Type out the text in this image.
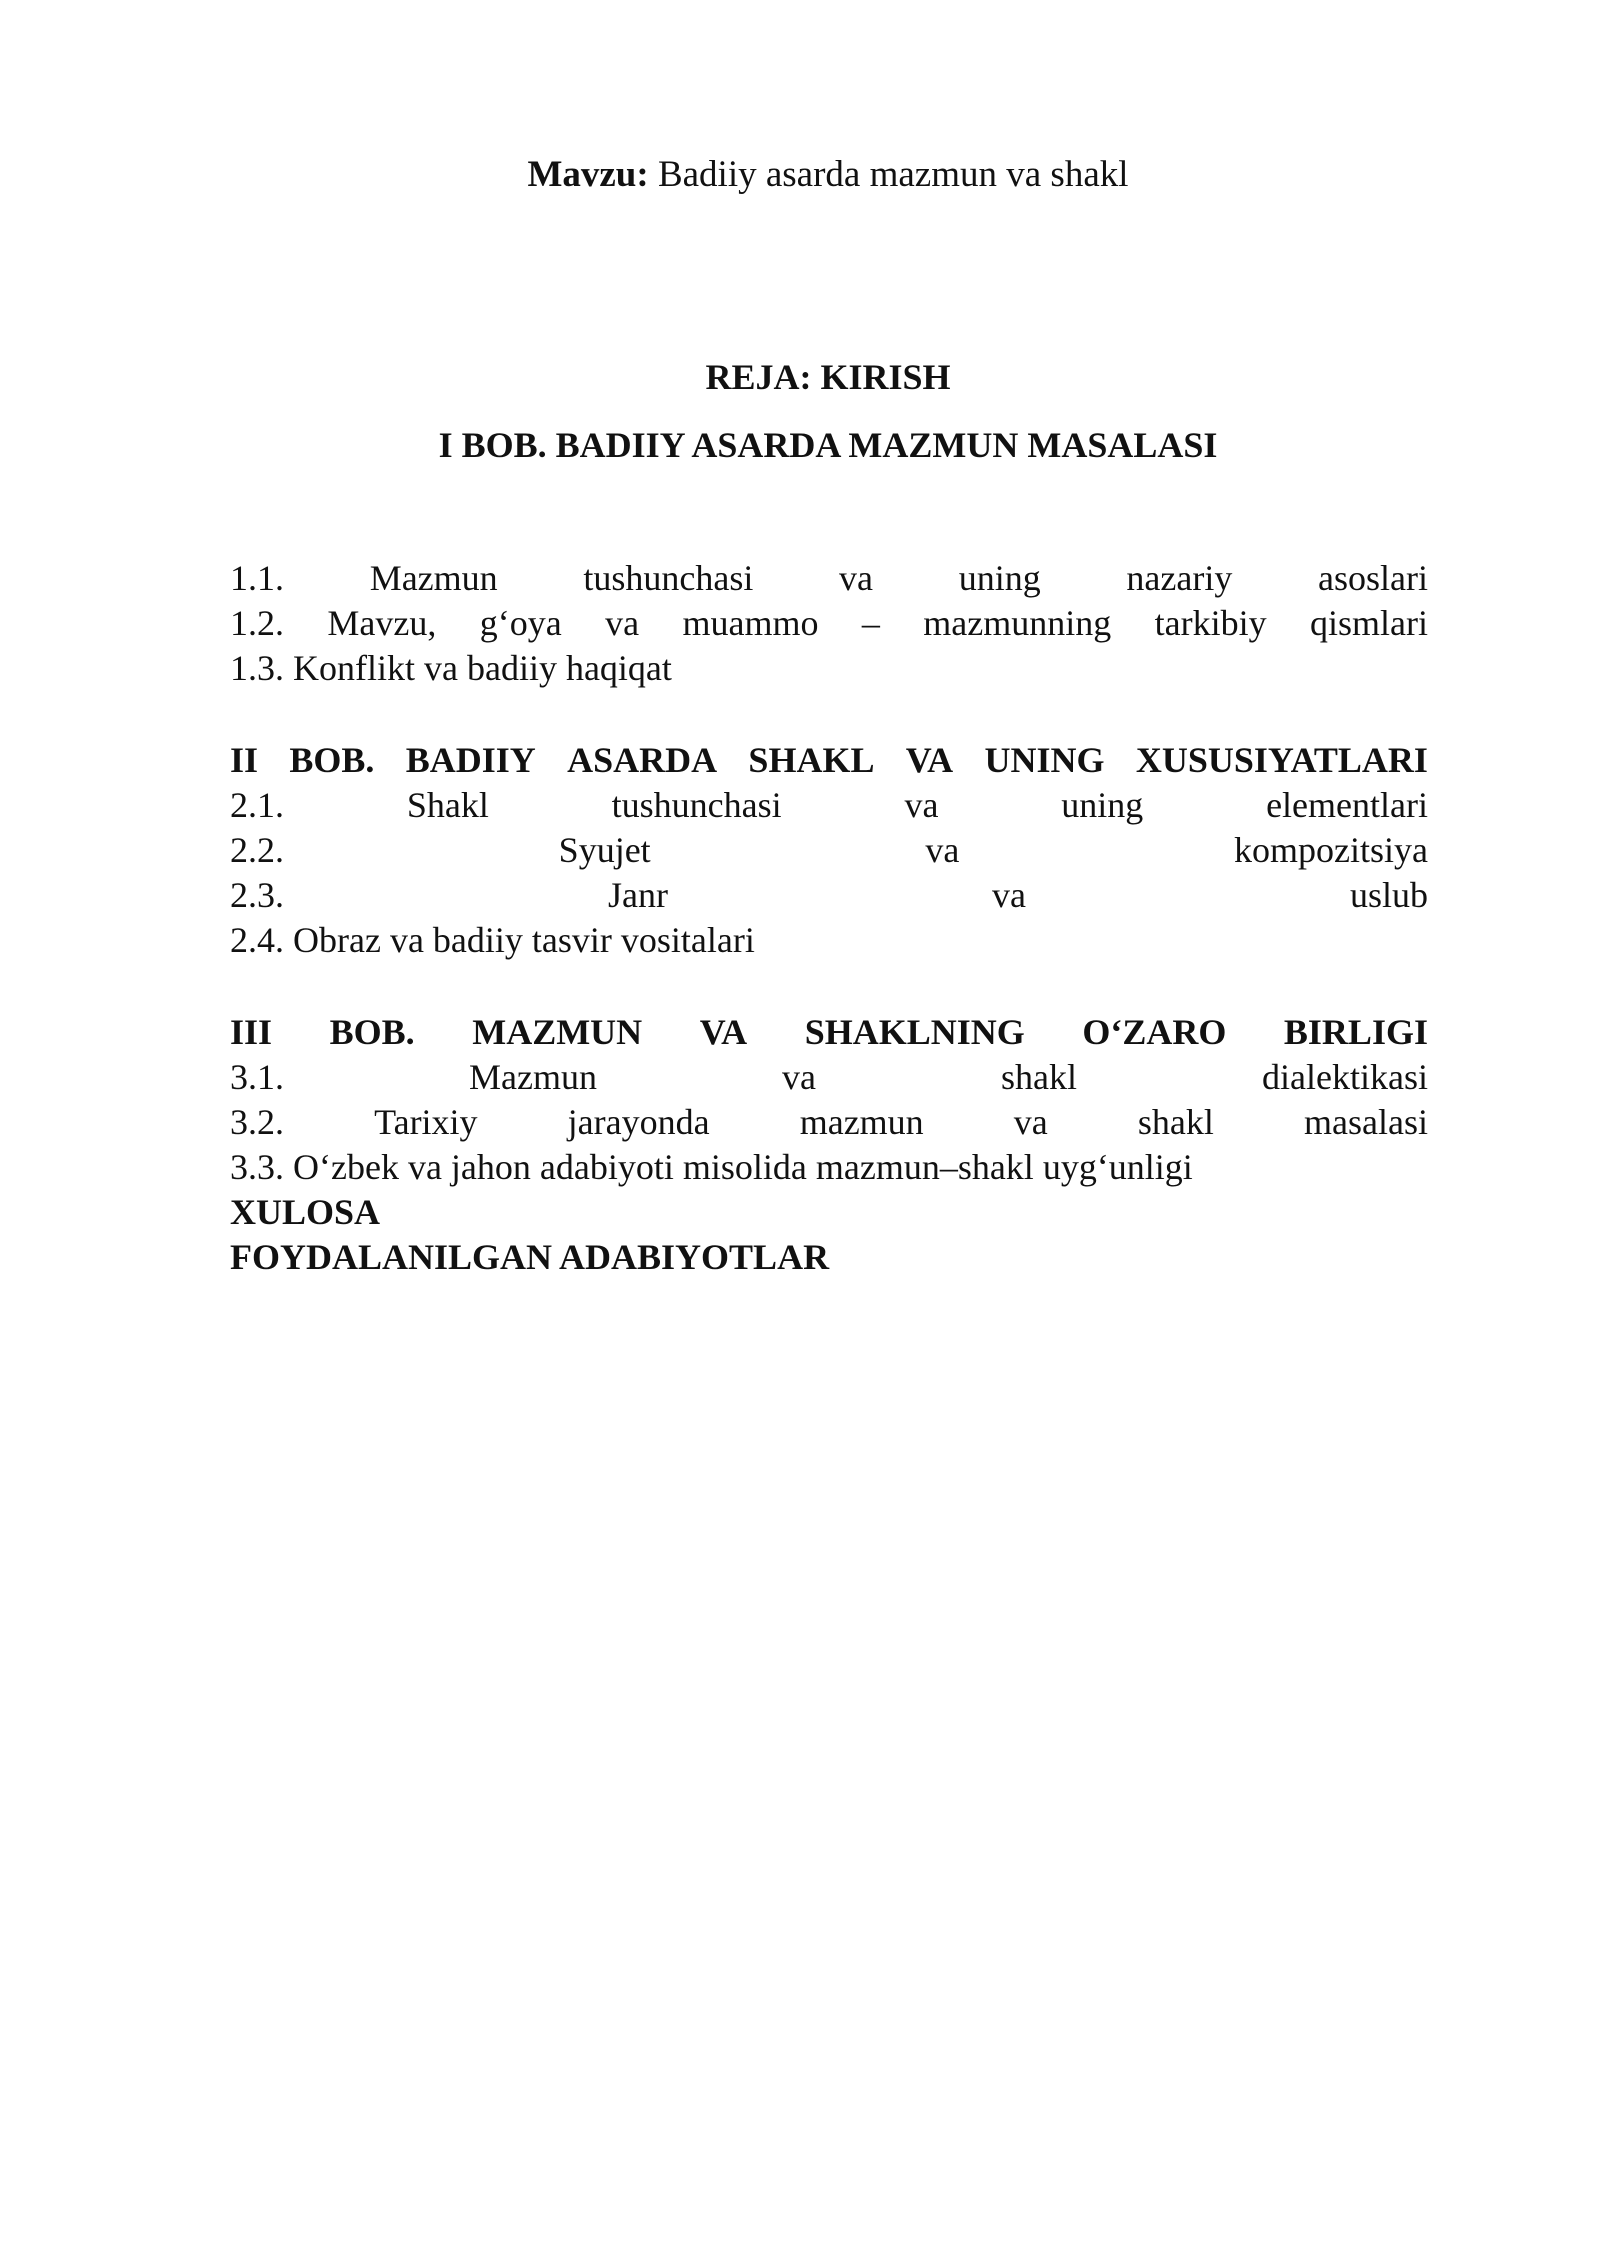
Mavzu: Badiiy asarda mazmun va shakl
REJA: KIRISH
I BOB. BADIIY ASARDA MAZMUN MASALASI
1.1. Mazmun tushunchasi va uning nazariy asoslari
1.2. Mavzu, g‘oya va muammo – mazmunning tarkibiy qismlari
1.3. Konflikt va badiiy haqiqat
II BOB. BADIIY ASARDA SHAKL VA UNING XUSUSIYATLARI
2.1.	Shakl	tushunchasi	va	uning	elementlari
2.2.	Syujet	va	kompozitsiya
2.3.	Janr	va	uslub
2.4. Obraz va badiiy tasvir vositalari
III BOB. MAZMUN VA SHAKLNING O‘ZARO BIRLIGI
3.1.	Mazmun	va	shakl	dialektikasi
3.2.	Tarixiy	jarayonda	mazmun	va	shakl	masalasi
3.3. O‘zbek va jahon adabiyoti misolida mazmun–shakl uyg‘unligi
XULOSA
FOYDALANILGAN ADABIYOTLAR
